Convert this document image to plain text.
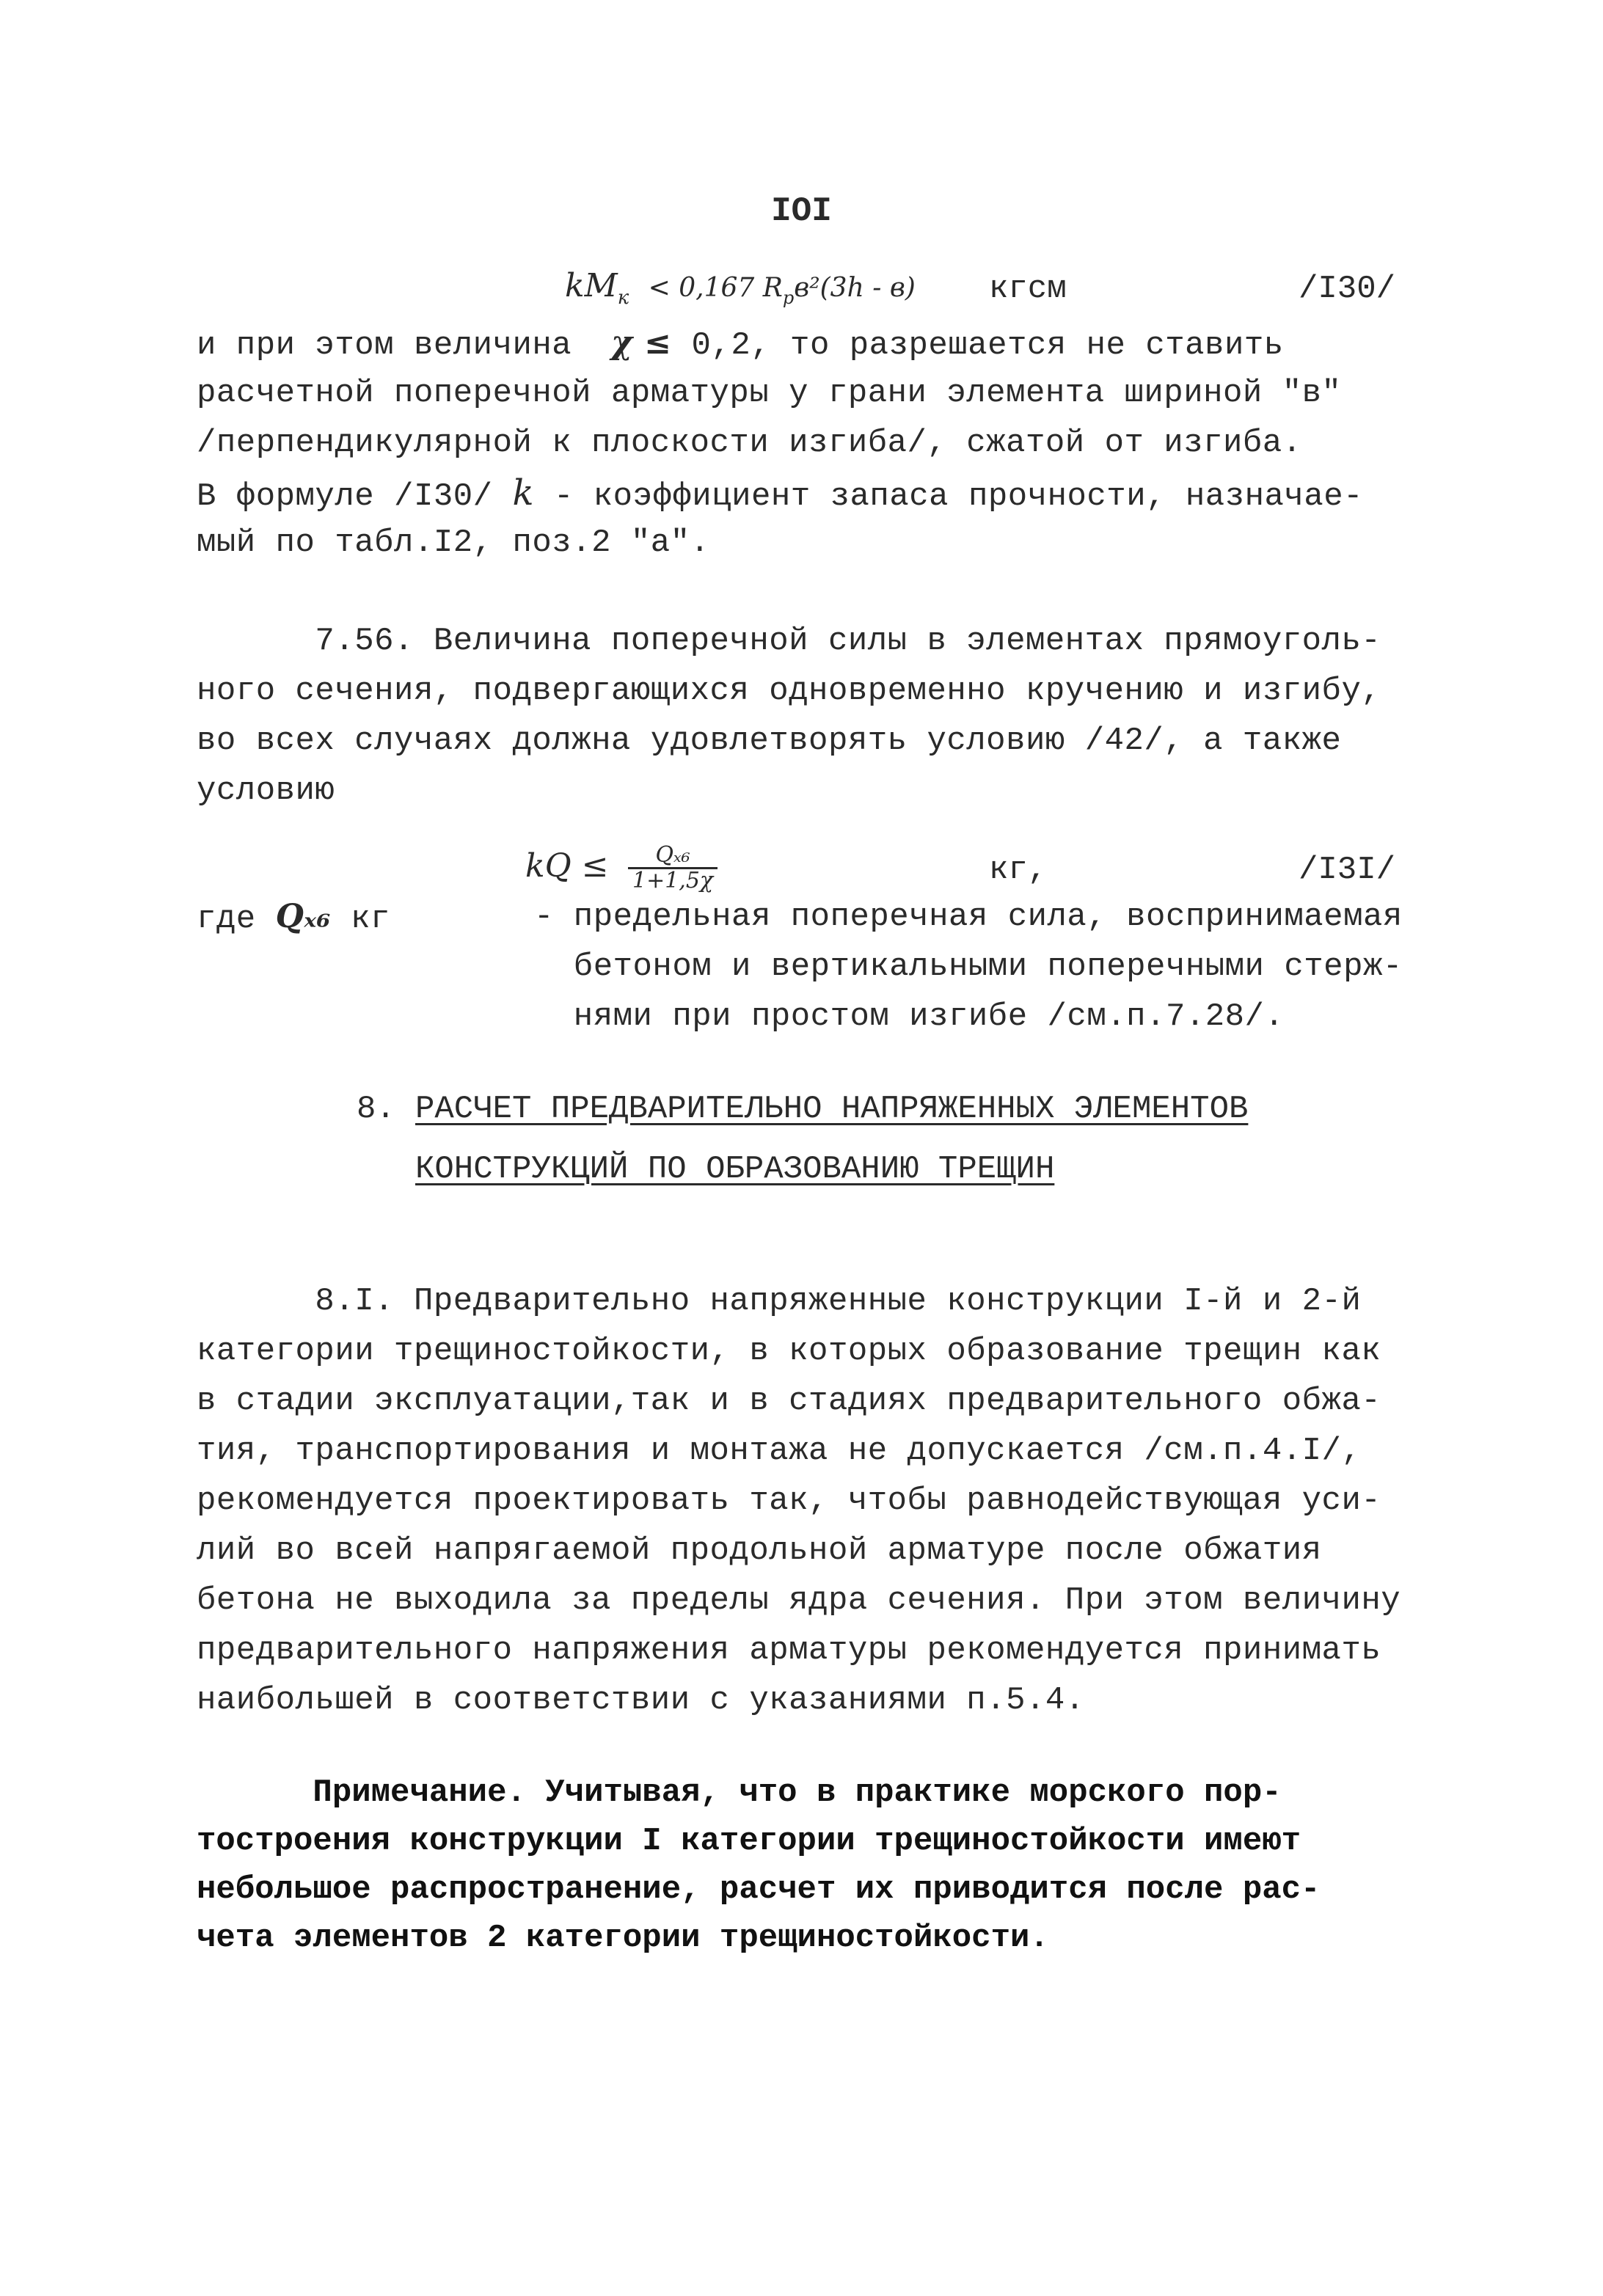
IOI
$kM_к < 0,167$ $R_pв^2(3h - в)$ кгсм	/I30/
и при этом величина  χ ≤ 0,2, то разрешается не ставить
расчетной поперечной арматуры у грани элемента шириной "в"
/перпендикулярной к плоскости изгиба/, сжатой от изгиба.
В формуле /I30/ k - коэффициент запаса прочности, назначае-
мый по табл.I2, поз.2 "а".
7.56. Величина поперечной силы в элементах прямоуголь-
ного сечения, подвергающихся одновременно кручению и изгибу,
во всех случаях должна удовлетворять условию /42/, а также
условию
kQ ≤ $\frac{\text{Qₓ₆}}{1+1,5\chi}$	кг,	/I3I/
где Qₓ₆ кг	- предельная поперечная сила, воспринимаемая
бетоном и вертикальными поперечными стерж-
нями при простом изгибе /см.п.7.28/.
8. РАСЧЕТ ПРЕДВАРИТЕЛЬНО НАПРЯЖЕННЫХ ЭЛЕМЕНТОВ
КОНСТРУКЦИЙ ПО ОБРАЗОВАНИЮ ТРЕЩИН
8.I. Предварительно напряженные конструкции I-й и 2-й
категории трещиностойкости, в которых образование трещин как
в стадии эксплуатации,так и в стадиях предварительного обжа-
тия, транспортирования и монтажа не допускается /см.п.4.I/,
рекомендуется проектировать так, чтобы равнодействующая уси-
лий во всей напрягаемой продольной арматуре после обжатия
бетона не выходила за пределы ядра сечения. При этом величину
предварительного напряжения арматуры рекомендуется принимать
наибольшей в соответствии с указаниями п.5.4.
Примечание. Учитывая, что в практике морского пор-
тостроения конструкции I категории трещиностойкости имеют
небольшое распространение, расчет их приводится после рас-
чета элементов 2 категории трещиностойкости.
